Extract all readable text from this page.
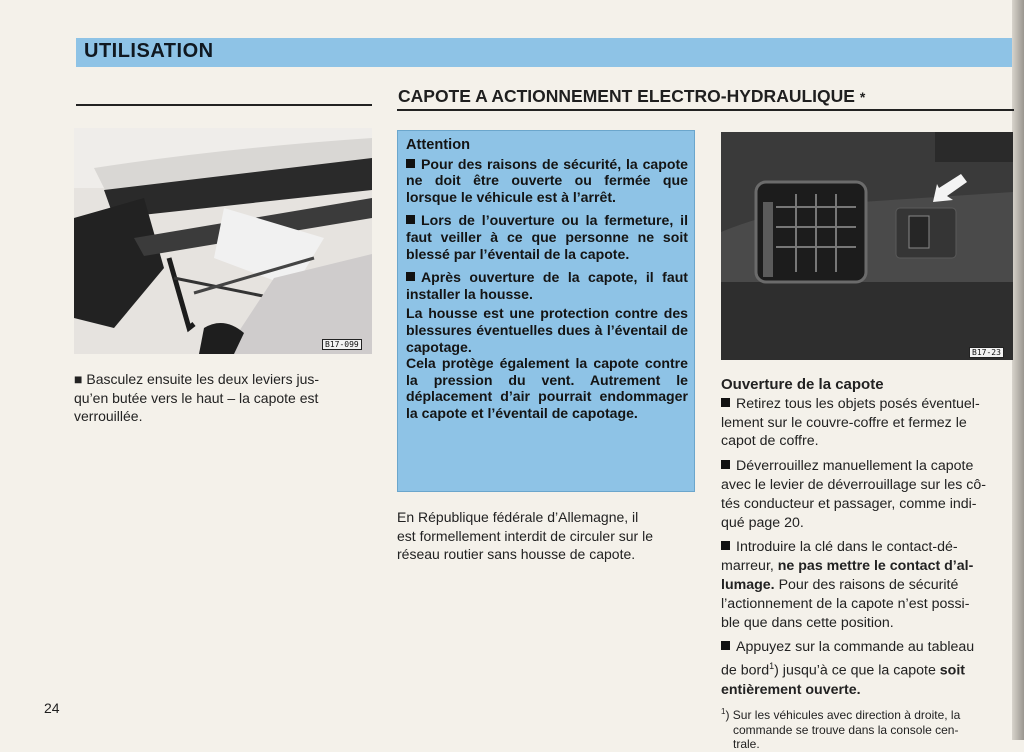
UTILISATION
CAPOTE A ACTIONNEMENT ELECTRO-HYDRAULIQUE *
B17-099
B17-23

■ Basculez ensuite les deux leviers jus-

qu’en butée vers le haut – la capote est

verrouillée.

Attention

Pour des raisons de sécurité, la capote ne doit être ouverte ou fermée que lorsque le véhicule est à l’arrêt.

Lors de l’ouverture ou la fermeture, il faut veiller à ce que personne ne soit blessé par l’éventail de la capote.

Après ouverture de la capote, il faut installer la housse.

La housse est une protection contre des blessures éventuelles dues à l’éventail de capotage.

Cela protège également la capote contre la pression du vent. Autrement le déplacement d’air pourrait endommager la capote et l’éventail de capotage.

En République fédérale d’Allemagne, il

est formellement interdit de circuler sur le

réseau routier sans housse de capote.

Ouverture de la capote
Retirez tous les objets posés éventuel-
lement sur le couvre-coffre et fermez le
capot de coffre.
Déverrouillez manuellement la capote
avec le levier de déverrouillage sur les cô-
tés conducteur et passager, comme indi-
qué page 20.
Introduire la clé dans le contact-dé-
marreur, ne pas mettre le contact d’al-
lumage. Pour des raisons de sécurité
l’actionnement de la capote n’est possi-
ble que dans cette position.
Appuyez sur la commande au tableau
de bord$^1$) jusqu’à ce que la capote soit
entièrement ouverte.
$^1$) Sur les véhicules avec direction à droite, la
commande se trouve dans la console cen-
trale.
24
